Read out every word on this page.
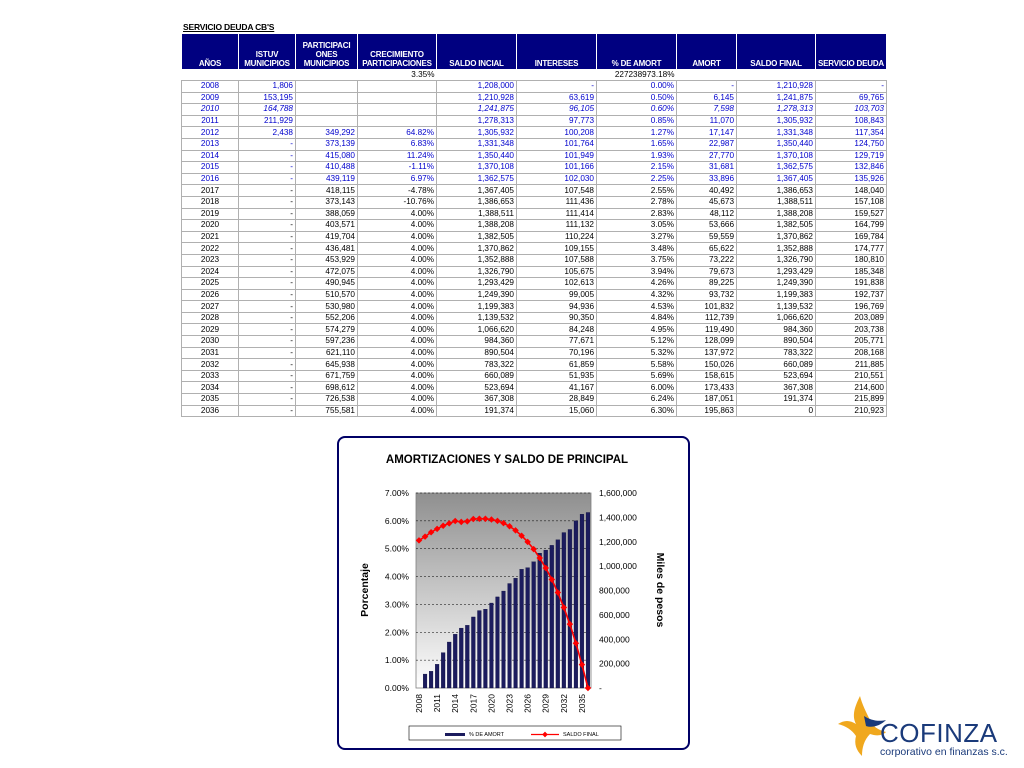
SERVICIO DEUDA CB'S
AÑOS	ISTUV MUNICIPIOS	PARTICIPACI ONES MUNICIPIOS	CRECIMIENTO PARTICIPACIONES	SALDO INCIAL	INTERESES	% DE AMORT	AMORT	SALDO FINAL	SERVICIO DEUDA
			3.35%			227238973.18%			
2008	1,806			1,208,000	-	0.00%	-	1,210,928	-
2009	153,195			1,210,928	63,619	0.50%	6,145	1,241,875	69,765
2010	164,788			1,241,875	96,105	0.60%	7,598	1,278,313	103,703
2011	211,929			1,278,313	97,773	0.85%	11,070	1,305,932	108,843
2012	2,438	349,292	64.82%	1,305,932	100,208	1.27%	17,147	1,331,348	117,354
2013	-	373,139	6.83%	1,331,348	101,764	1.65%	22,987	1,350,440	124,750
2014	-	415,080	11.24%	1,350,440	101,949	1.93%	27,770	1,370,108	129,719
2015	-	410,488	-1.11%	1,370,108	101,166	2.15%	31,681	1,362,575	132,846
2016	-	439,119	6.97%	1,362,575	102,030	2.25%	33,896	1,367,405	135,926
2017	-	418,115	-4.78%	1,367,405	107,548	2.55%	40,492	1,386,653	148,040
2018	-	373,143	-10.76%	1,386,653	111,436	2.78%	45,673	1,388,511	157,108
2019	-	388,059	4.00%	1,388,511	111,414	2.83%	48,112	1,388,208	159,527
2020	-	403,571	4.00%	1,388,208	111,132	3.05%	53,666	1,382,505	164,799
2021	-	419,704	4.00%	1,382,505	110,224	3.27%	59,559	1,370,862	169,784
2022	-	436,481	4.00%	1,370,862	109,155	3.48%	65,622	1,352,888	174,777
2023	-	453,929	4.00%	1,352,888	107,588	3.75%	73,222	1,326,790	180,810
2024	-	472,075	4.00%	1,326,790	105,675	3.94%	79,673	1,293,429	185,348
2025	-	490,945	4.00%	1,293,429	102,613	4.26%	89,225	1,249,390	191,838
2026	-	510,570	4.00%	1,249,390	99,005	4.32%	93,732	1,199,383	192,737
2027	-	530,980	4.00%	1,199,383	94,936	4.53%	101,832	1,139,532	196,769
2028	-	552,206	4.00%	1,139,532	90,350	4.84%	112,739	1,066,620	203,089
2029	-	574,279	4.00%	1,066,620	84,248	4.95%	119,490	984,360	203,738
2030	-	597,236	4.00%	984,360	77,671	5.12%	128,099	890,504	205,771
2031	-	621,110	4.00%	890,504	70,196	5.32%	137,972	783,322	208,168
2032	-	645,938	4.00%	783,322	61,859	5.58%	150,026	660,089	211,885
2033	-	671,759	4.00%	660,089	51,935	5.69%	158,615	523,694	210,551
2034	-	698,612	4.00%	523,694	41,167	6.00%	173,433	367,308	214,600
2035	-	726,538	4.00%	367,308	28,849	6.24%	187,051	191,374	215,899
2036	-	755,581	4.00%	191,374	15,060	6.30%	195,863	0	210,923
AMORTIZACIONES Y SALDO DE PRINCIPAL
0.00%
1.00%
2.00%
3.00%
4.00%
5.00%
6.00%
7.00%
-
200,000
400,000
600,000
800,000
1,000,000
1,200,000
1,400,000
1,600,000
2008 2011 2014 2017 2020 2023 2026 2029 2032 2035
Porcentaje	Miles de pesos
% DE AMORT	SALDO FINAL	COFINZA
corporativo en finanzas s.c.
